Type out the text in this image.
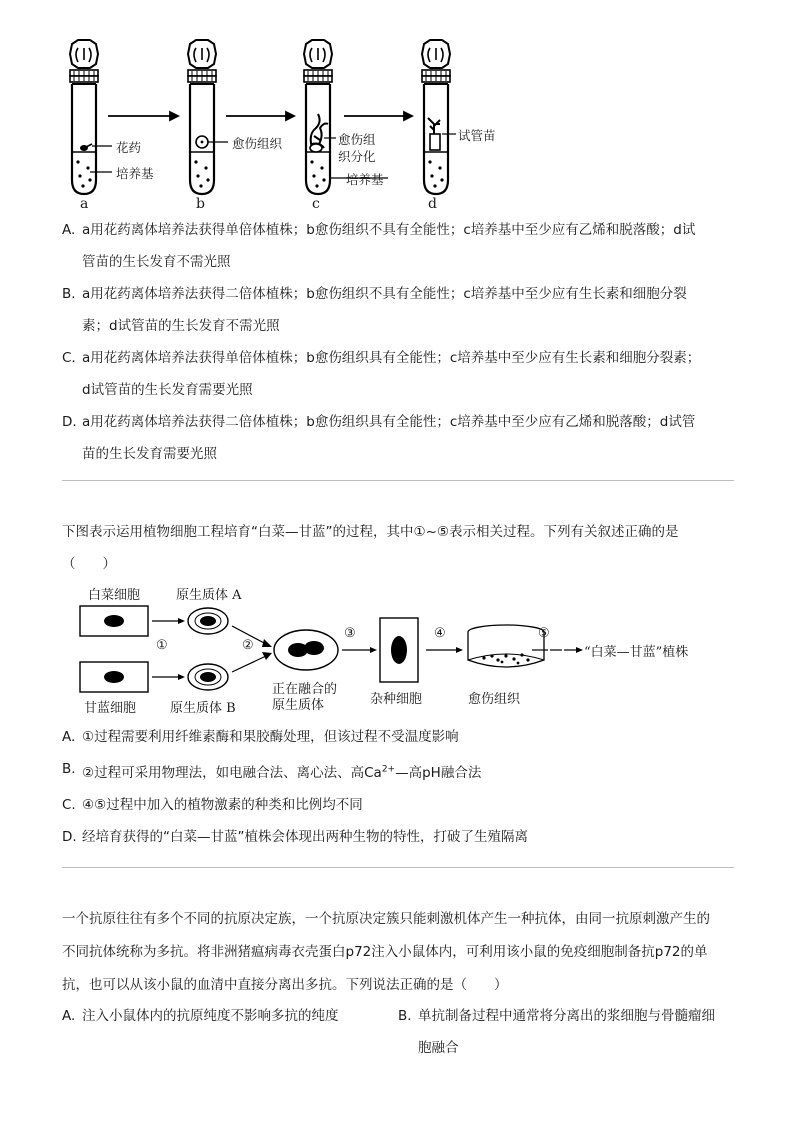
花药
培养基
愈伤组织	愈伤组
织分化
培养基
试管苗
a	b	c	d
A. a用花药离体培养法获得单倍体植株；b愈伤组织不具有全能性；c培养基中至少应有乙烯和脱落酸；d试
管苗的生长发育不需光照
B. a用花药离体培养法获得二倍体植株；b愈伤组织不具有全能性；c培养基中至少应有生长素和细胞分裂
素；d试管苗的生长发育不需光照
C. a用花药离体培养法获得单倍体植株；b愈伤组织具有全能性；c培养基中至少应有生长素和细胞分裂素；
d试管苗的生长发育需要光照
D. a用花药离体培养法获得二倍体植株；b愈伤组织具有全能性；c培养基中至少应有乙烯和脱落酸；d试管
苗的生长发育需要光照
下图表示运用植物细胞工程培育“白菜—甘蓝”的过程，其中①~⑤表示相关过程。下列有关叙述正确的是
（　　）
白菜细胞	原生质体 A
甘蓝细胞	原生质体 B
①	②
③	④	⑤
正在融合的
原生质体	杂种细胞	愈伤组织
“白菜—甘蓝”植株
A. ①过程需要利用纤维素酶和果胶酶处理，但该过程不受温度影响
B. ②过程可采用物理法，如电融合法、离心法、高$Ca^{2+}—$高pH融合法
C. ④⑤过程中加入的植物激素的种类和比例均不同
D. 经培育获得的“白菜—甘蓝”植株会体现出两种生物的特性，打破了生殖隔离
一个抗原往往有多个不同的抗原决定族，一个抗原决定簇只能刺激机体产生一种抗体，由同一抗原刺激产生的
不同抗体统称为多抗。将非洲猪瘟病毒衣壳蛋白p72注入小鼠体内，可利用该小鼠的免疫细胞制备抗p72的单
抗，也可以从该小鼠的血清中直接分离出多抗。下列说法正确的是（　　）
A. 注入小鼠体内的抗原纯度不影响多抗的纯度	B. 单抗制备过程中通常将分离出的浆细胞与骨髓瘤细
胞融合
